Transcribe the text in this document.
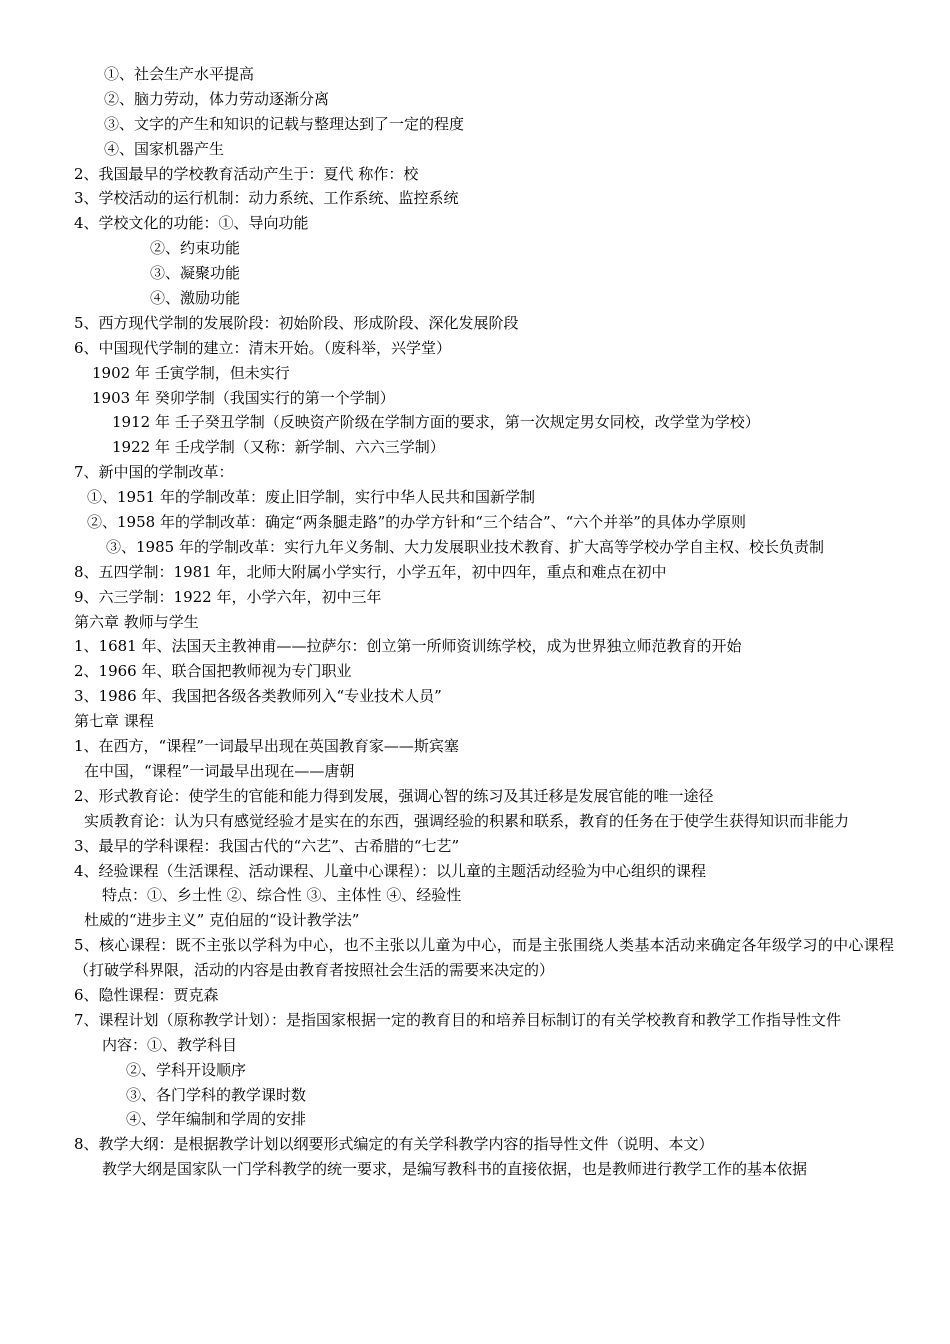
①、社会生产水平提高
②、脑力劳动，体力劳动逐渐分离
③、文字的产生和知识的记载与整理达到了一定的程度
④、国家机器产生
2、我国最早的学校教育活动产生于：夏代 称作：校
3、学校活动的运行机制：动力系统、工作系统、监控系统
4、学校文化的功能：①、导向功能
②、约束功能
③、凝聚功能
④、激励功能
5、西方现代学制的发展阶段：初始阶段、形成阶段、深化发展阶段
6、中国现代学制的建立：清末开始。（废科举，兴学堂）
1902 年 壬寅学制，但未实行
1903 年 癸卯学制（我国实行的第一个学制）
1912 年 壬子癸丑学制（反映资产阶级在学制方面的要求，第一次规定男女同校，改学堂为学校）
1922 年 壬戌学制（又称：新学制、六六三学制）
7、新中国的学制改革：
①、1951 年的学制改革：废止旧学制，实行中华人民共和国新学制
②、1958 年的学制改革：确定“两条腿走路”的办学方针和“三个结合”、“六个并举”的具体办学原则
③、1985 年的学制改革：实行九年义务制、大力发展职业技术教育、扩大高等学校办学自主权、校长负责制
8、五四学制：1981 年，北师大附属小学实行，小学五年，初中四年，重点和难点在初中
9、六三学制：1922 年，小学六年，初中三年
第六章 教师与学生
1、1681 年、法国天主教神甫——拉萨尔：创立第一所师资训练学校，成为世界独立师范教育的开始
2、1966 年、联合国把教师视为专门职业
3、1986 年、我国把各级各类教师列入“专业技术人员”
第七章 课程
1、在西方，“课程”一词最早出现在英国教育家——斯宾塞
在中国，“课程”一词最早出现在——唐朝
2、形式教育论：使学生的官能和能力得到发展，强调心智的练习及其迁移是发展官能的唯一途径
实质教育论：认为只有感觉经验才是实在的东西，强调经验的积累和联系，教育的任务在于使学生获得知识而非能力
3、最早的学科课程：我国古代的“六艺”、古希腊的“七艺”
4、经验课程（生活课程、活动课程、儿童中心课程）：以儿童的主题活动经验为中心组织的课程
特点：①、乡土性 ②、综合性 ③、主体性 ④、经验性
杜威的“进步主义” 克伯屈的“设计教学法”
5、核心课程：既不主张以学科为中心，也不主张以儿童为中心，而是主张围绕人类基本活动来确定各年级学习的中心课程（打破学科界限，活动的内容是由教育者按照社会生活的需要来决定的）
6、隐性课程：贾克森
7、课程计划（原称教学计划）：是指国家根据一定的教育目的和培养目标制订的有关学校教育和教学工作指导性文件
内容：①、教学科目
②、学科开设顺序
③、各门学科的教学课时数
④、学年编制和学周的安排
8、教学大纲：是根据教学计划以纲要形式编定的有关学科教学内容的指导性文件（说明、本文）
教学大纲是国家队一门学科教学的统一要求，是编写教科书的直接依据，也是教师进行教学工作的基本依据
